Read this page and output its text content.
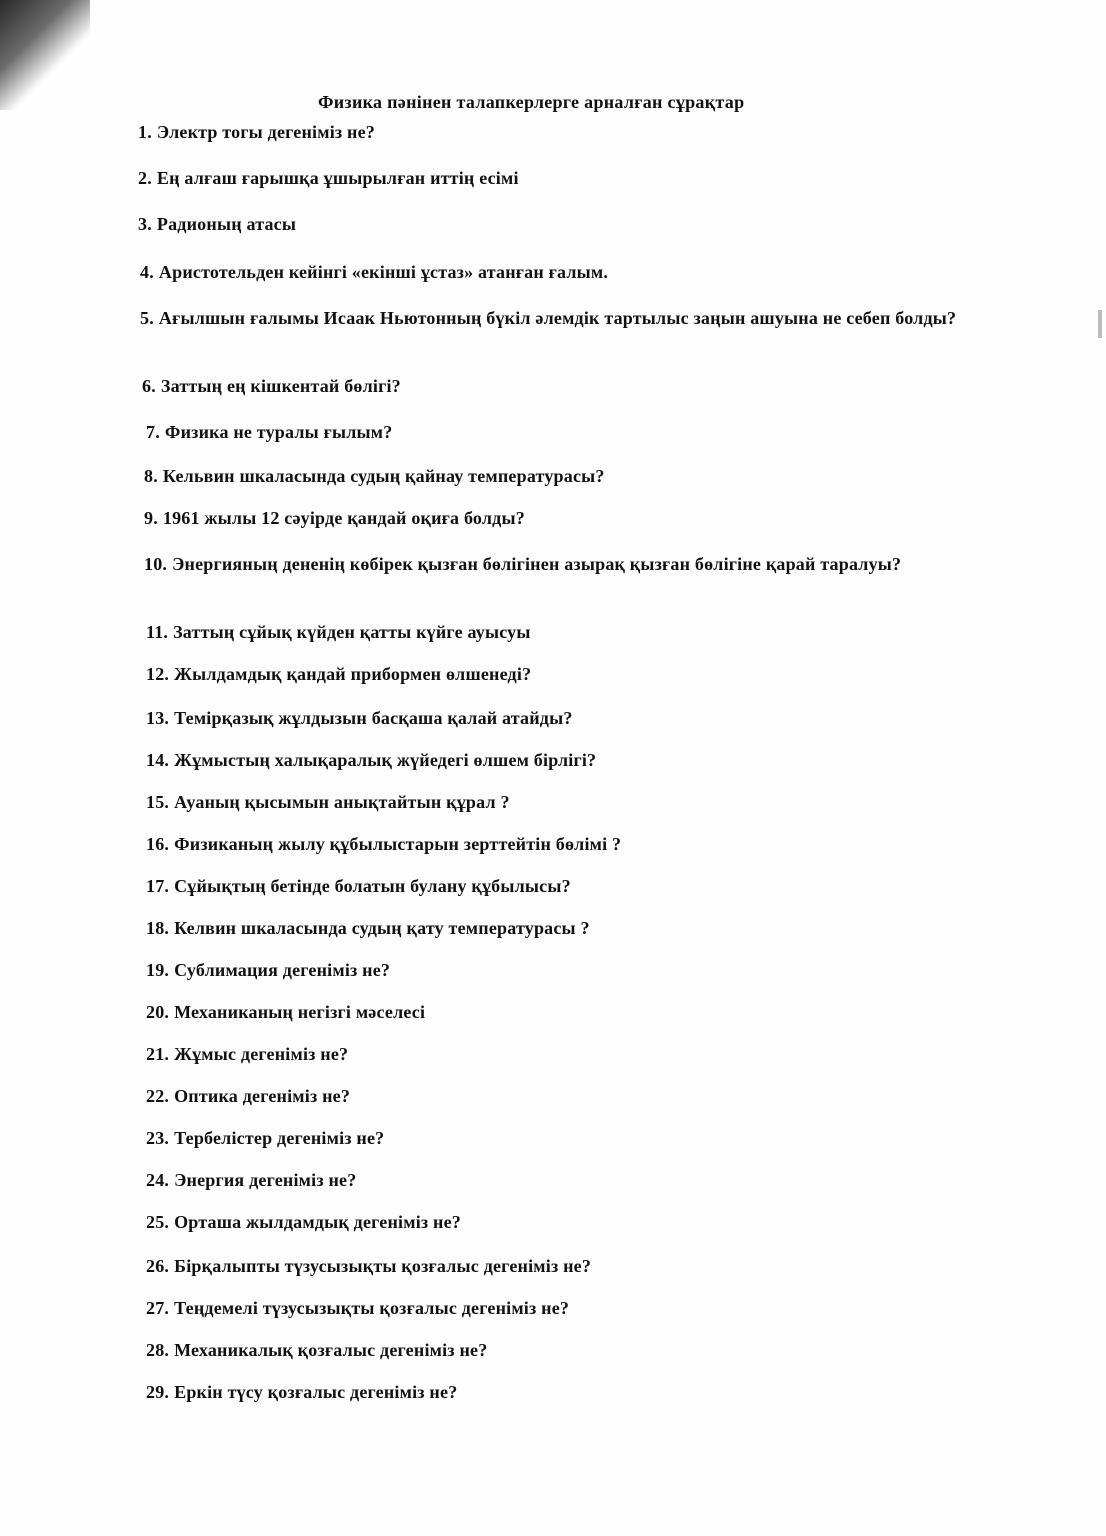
Физика пәнінен талапкерлерге арналған сұрақтар
1. Электр тогы дегеніміз не?
2. Ең алғаш ғарышқа ұшырылған иттің есімі
3. Радионың атасы
4. Аристотельден кейінгі «екінші ұстаз» атанған ғалым.
5. Ағылшын ғалымы Исаак Ньютонның бүкіл әлемдік тартылыс заңын ашуына не себеп болды?
6. Заттың ең кішкентай бөлігі?
7. Физика не туралы ғылым?
8. Кельвин шкаласында судың қайнау температурасы?
9. 1961 жылы 12 сәуірде қандай оқиға болды?
10. Энергияның дененің көбірек қызған бөлігінен азырақ қызған бөлігіне қарай таралуы?
11. Заттың сұйық күйден қатты күйге ауысуы
12. Жылдамдық қандай прибормен өлшенеді?
13. Темірқазық жұлдызын басқаша қалай атайды?
14. Жұмыстың халықаралық жүйедегі өлшем бірлігі?
15. Ауаның қысымын анықтайтын құрал ?
16. Физиканың жылу құбылыстарын зерттейтін бөлімі ?
17. Сұйықтың бетінде болатын булану құбылысы?
18. Келвин шкаласында судың қату температурасы ?
19. Сублимация дегеніміз не?
20. Механиканың негізгі мәселесі
21. Жұмыс дегеніміз не?
22. Оптика дегеніміз не?
23. Тербелістер дегеніміз не?
24. Энергия дегеніміз не?
25. Орташа жылдамдық дегеніміз не?
26. Бірқалыпты түзусызықты қозғалыс дегеніміз не?
27. Теңдемелі түзусызықты қозғалыс дегеніміз не?
28. Механикалық қозғалыс дегеніміз не?
29. Еркін түсу қозғалыс дегеніміз не?
